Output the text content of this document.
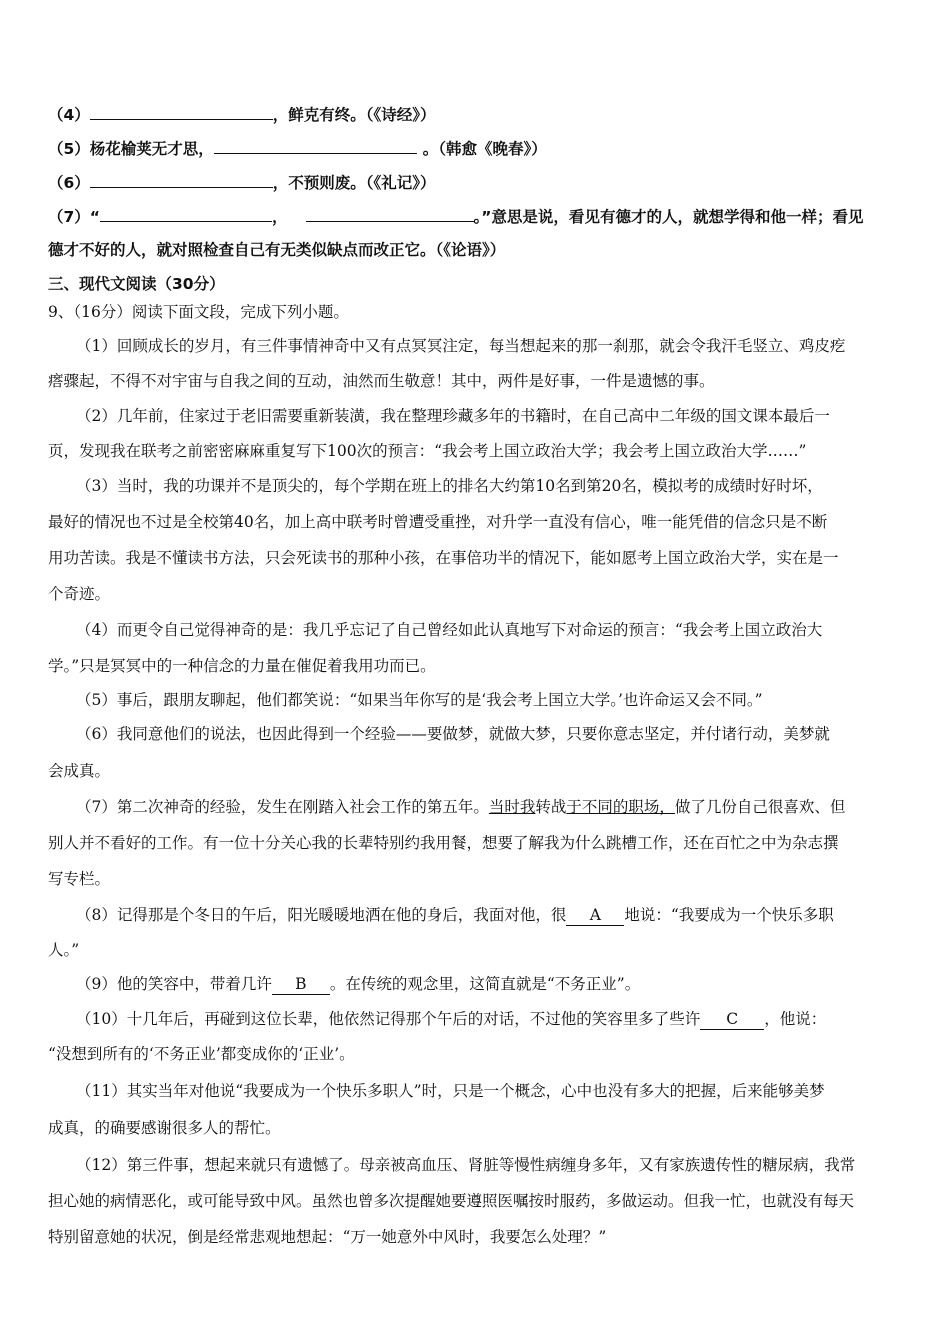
（4）	，鲜克有终。（《诗经》）
（5）杨花榆荚无才思，	。（韩愈《晚春》）
（6）	，不预则废。（《礼记》）
（7）“	，	。”意思是说，看见有德才的人，就想学得和他一样；看见
德才不好的人，就对照检查自己有无类似缺点而改正它。（《论语》）
三、现代文阅读（30分）
9、（16分）阅读下面文段，完成下列小题。
（1）回顾成长的岁月，有三件事情神奇中又有点冥冥注定，每当想起来的那一刹那，就会令我汗毛竖立、鸡皮疙
瘩骤起，不得不对宇宙与自我之间的互动，油然而生敬意！其中，两件是好事，一件是遗憾的事。
（2）几年前，住家过于老旧需要重新装潢，我在整理珍藏多年的书籍时，在自己高中二年级的国文课本最后一
页，发现我在联考之前密密麻麻重复写下100次的预言：“我会考上国立政治大学；我会考上国立政治大学……”
（3）当时，我的功课并不是顶尖的，每个学期在班上的排名大约第10名到第20名，模拟考的成绩时好时坏，
最好的情况也不过是全校第40名，加上高中联考时曾遭受重挫，对升学一直没有信心，唯一能凭借的信念只是不断
用功苦读。我是不懂读书方法，只会死读书的那种小孩，在事倍功半的情况下，能如愿考上国立政治大学，实在是一
个奇迹。
（4）而更令自己觉得神奇的是：我几乎忘记了自己曾经如此认真地写下对命运的预言：“我会考上国立政治大
学。”只是冥冥中的一种信念的力量在催促着我用功而已。
（5）事后，跟朋友聊起，他们都笑说：“如果当年你写的是‘我会考上国立大学。’也许命运又会不同。”
（6）我同意他们的说法，也因此得到一个经验——要做梦，就做大梦，只要你意志坚定，并付诸行动，美梦就
会成真。
（7）第二次神奇的经验，发生在刚踏入社会工作的第五年。当时我转战于不同的职场，做了几份自己很喜欢、但
别人并不看好的工作。有一位十分关心我的长辈特别约我用餐，想要了解我为什么跳槽工作，还在百忙之中为杂志撰
写专栏。
（8）记得那是个冬日的午后，阳光暖暖地洒在他的身后，我面对他，很 A 地说：“我要成为一个快乐多职
人。”
（9）他的笑容中，带着几许 B 。在传统的观念里，这简直就是“不务正业”。
（10）十几年后，再碰到这位长辈，他依然记得那个午后的对话，不过他的笑容里多了些许 C ，他说：
“没想到所有的‘不务正业’都变成你的‘正业’。
（11）其实当年对他说“我要成为一个快乐多职人”时，只是一个概念，心中也没有多大的把握，后来能够美梦
成真，的确要感谢很多人的帮忙。
（12）第三件事，想起来就只有遗憾了。母亲被高血压、肾脏等慢性病缠身多年，又有家族遗传性的糖尿病，我常
担心她的病情恶化，或可能导致中风。虽然也曾多次提醒她要遵照医嘱按时服药，多做运动。但我一忙，也就没有每天
特别留意她的状况，倒是经常悲观地想起：“万一她意外中风时，我要怎么处理？”
